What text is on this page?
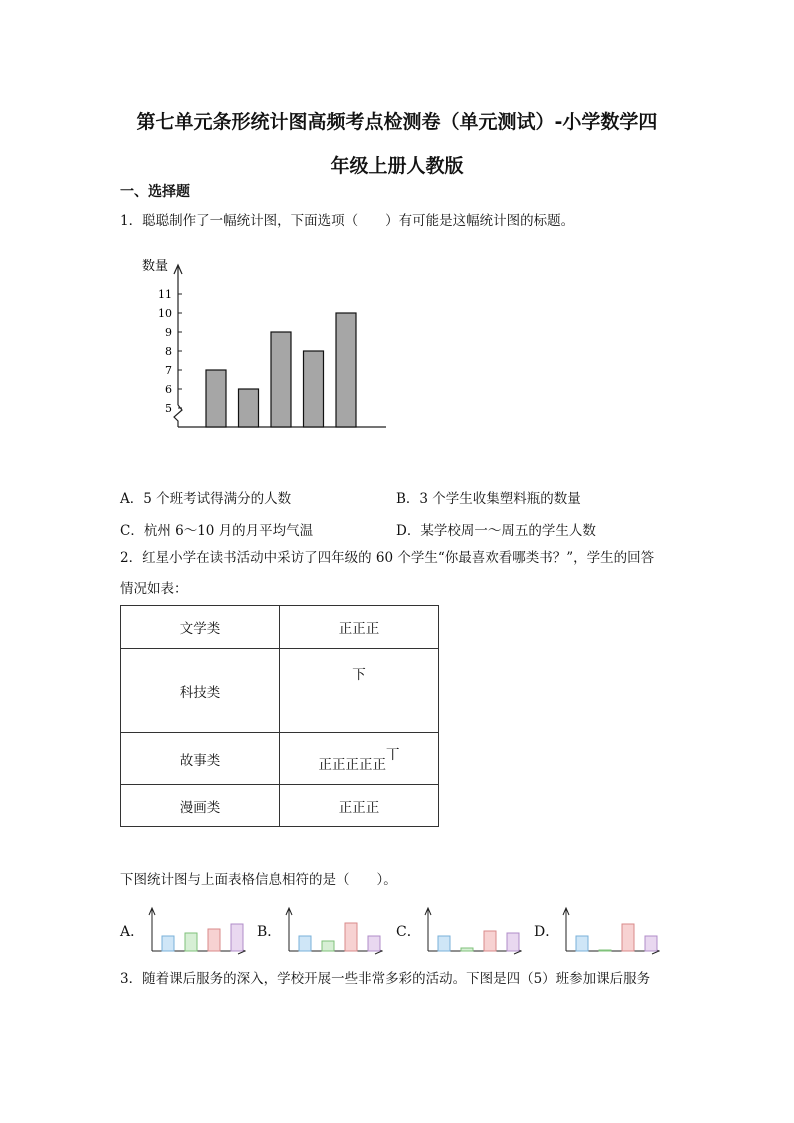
第七单元条形统计图高频考点检测卷（单元测试）-小学数学四
年级上册人教版
一、选择题
1．聪聪制作了一幅统计图，下面选项（　　）有可能是这幅统计图的标题。
数量
5
6
7
8
9
10
11
A．5 个班考试得满分的人数	B．3 个学生收集塑料瓶的数量
C．杭州 6～10 月的月平均气温	D．某学校周一～周五的学生人数
2．红星小学在读书活动中采访了四年级的 60 个学生“你最喜欢看哪类书？”，学生的回答
情况如表：
文学类	正正正
科技类	下
故事类	正正正正正丅
漫画类	正正正
下图统计图与上面表格信息相符的是（　　）。
A．	B．	C．	D．
3．随着课后服务的深入，学校开展一些非常多彩的活动。下图是四（5）班参加课后服务
